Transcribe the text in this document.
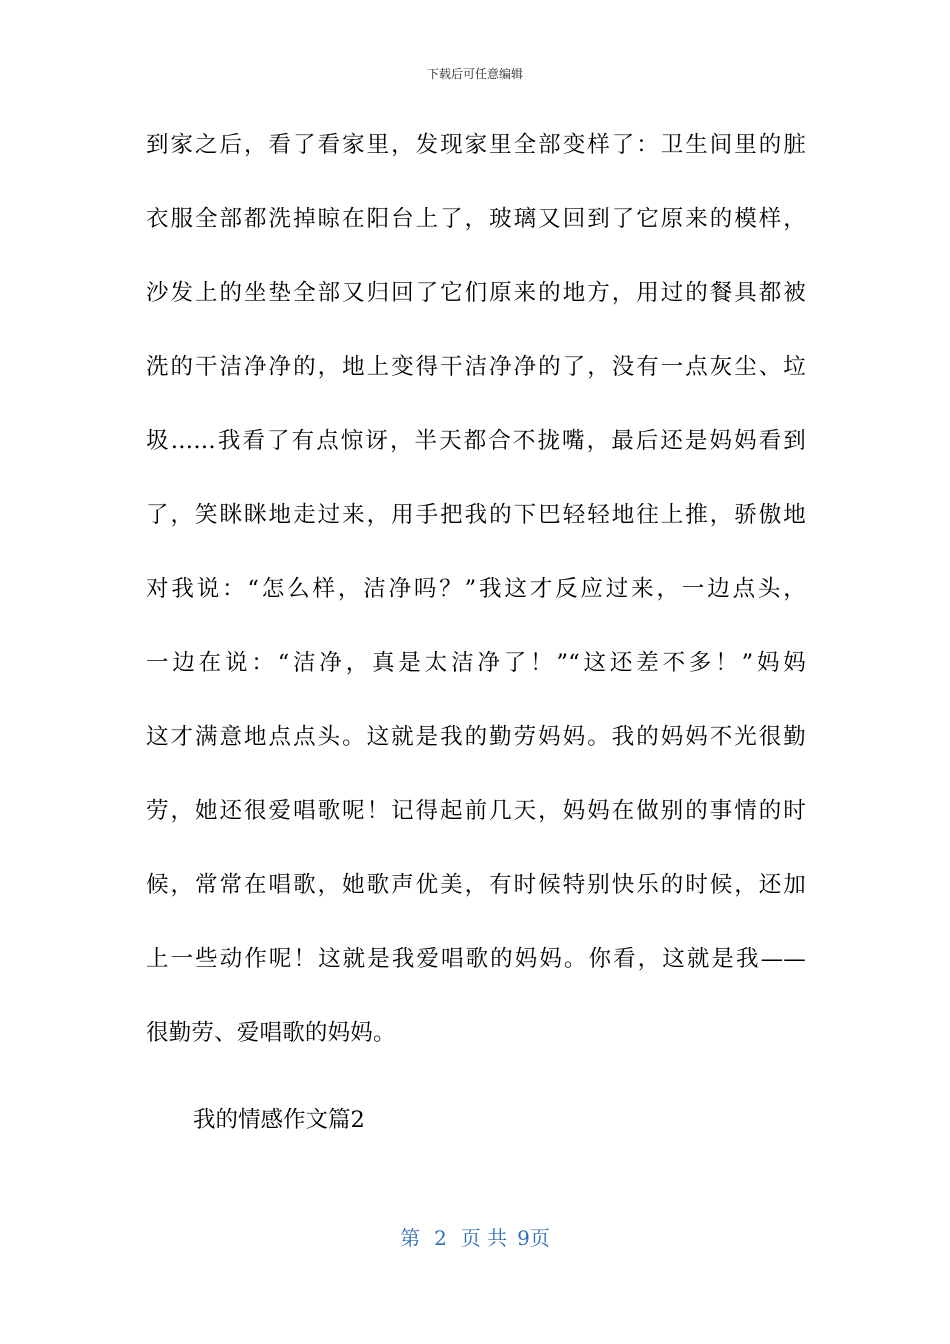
下载后可任意编辑
到家之后，看了看家里，发现家里全部变样了：卫生间里的脏
衣服全部都洗掉晾在阳台上了，玻璃又回到了它原来的模样，
沙发上的坐垫全部又归回了它们原来的地方，用过的餐具都被
洗的干洁净净的，地上变得干洁净净的了，没有一点灰尘、垃
圾……我看了有点惊讶，半天都合不拢嘴，最后还是妈妈看到
了，笑眯眯地走过来，用手把我的下巴轻轻地往上推，骄傲地
对我说：“怎么样，洁净吗？”我这才反应过来，一边点头，
一边在说：“洁净，真是太洁净了！”“这还差不多！”妈妈
这才满意地点点头。这就是我的勤劳妈妈。我的妈妈不光很勤
劳，她还很爱唱歌呢！记得起前几天，妈妈在做别的事情的时
候，常常在唱歌，她歌声优美，有时候特别快乐的时候，还加
上一些动作呢！这就是我爱唱歌的妈妈。你看，这就是我——
很勤劳、爱唱歌的妈妈。
我的情感作文篇2
第 2 页 共 9页
